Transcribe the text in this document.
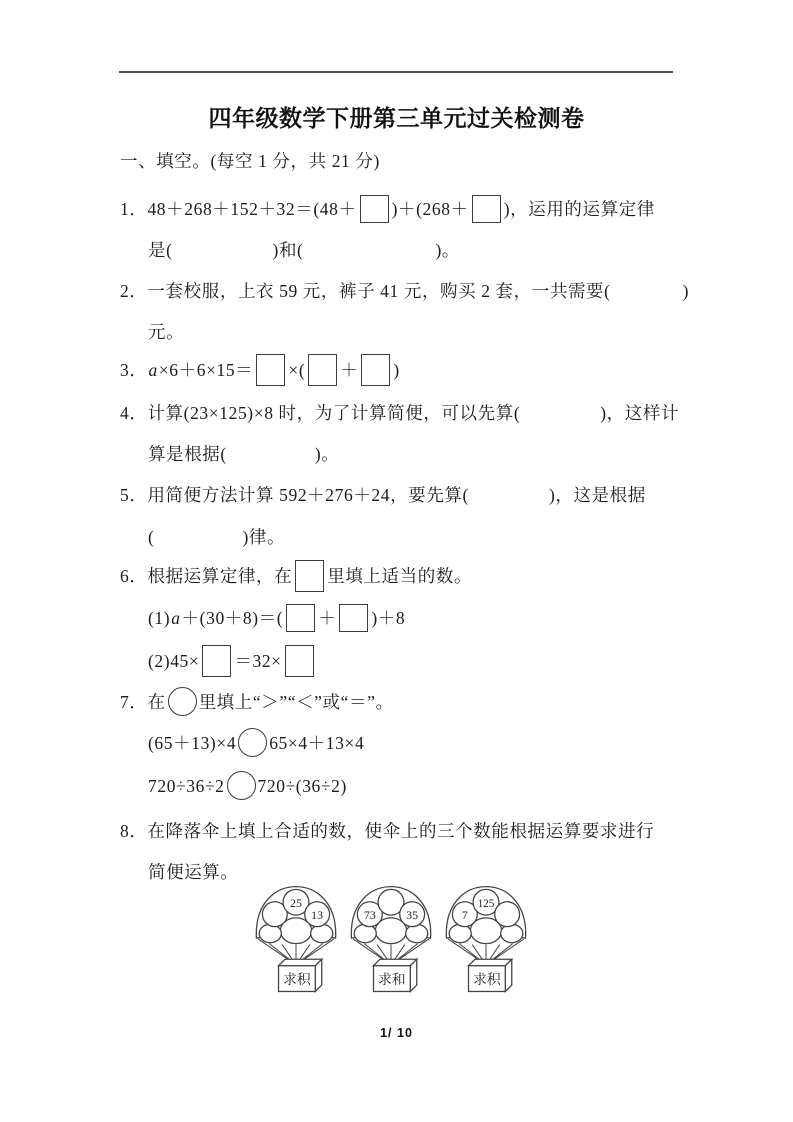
四年级数学下册第三单元过关检测卷
一、填空。(每空 1 分，共 21 分)
1．48＋268＋152＋32＝(48＋ )＋(268＋ )，运用的运算定律
是(	)和(	)。
2．一套校服，上衣 59 元，裤子 41 元，购买 2 套，一共需要(	)
元。
3．a×6＋6×15＝ ×( ＋ )
4．计算(23×125)×8 时，为了计算简便，可以先算(	)，这样计
算是根据(	)。
5．用简便方法计算 592＋276＋24，要先算(	)，这是根据
(	)律。
6．根据运算定律，在 里填上适当的数。
(1)a＋(30＋8)＝( ＋ )＋8
(2)45× ＝32×
7．在 里填上“＞”“＜”或“＝”。
(65＋13)×4 65×4＋13×4
720÷36÷2 720÷(36÷2)
8．在降落伞上填上合适的数，使伞上的三个数能根据运算要求进行
简便运算。
25
13
求积
73 35
求和
7
125
求积
1/ 10
